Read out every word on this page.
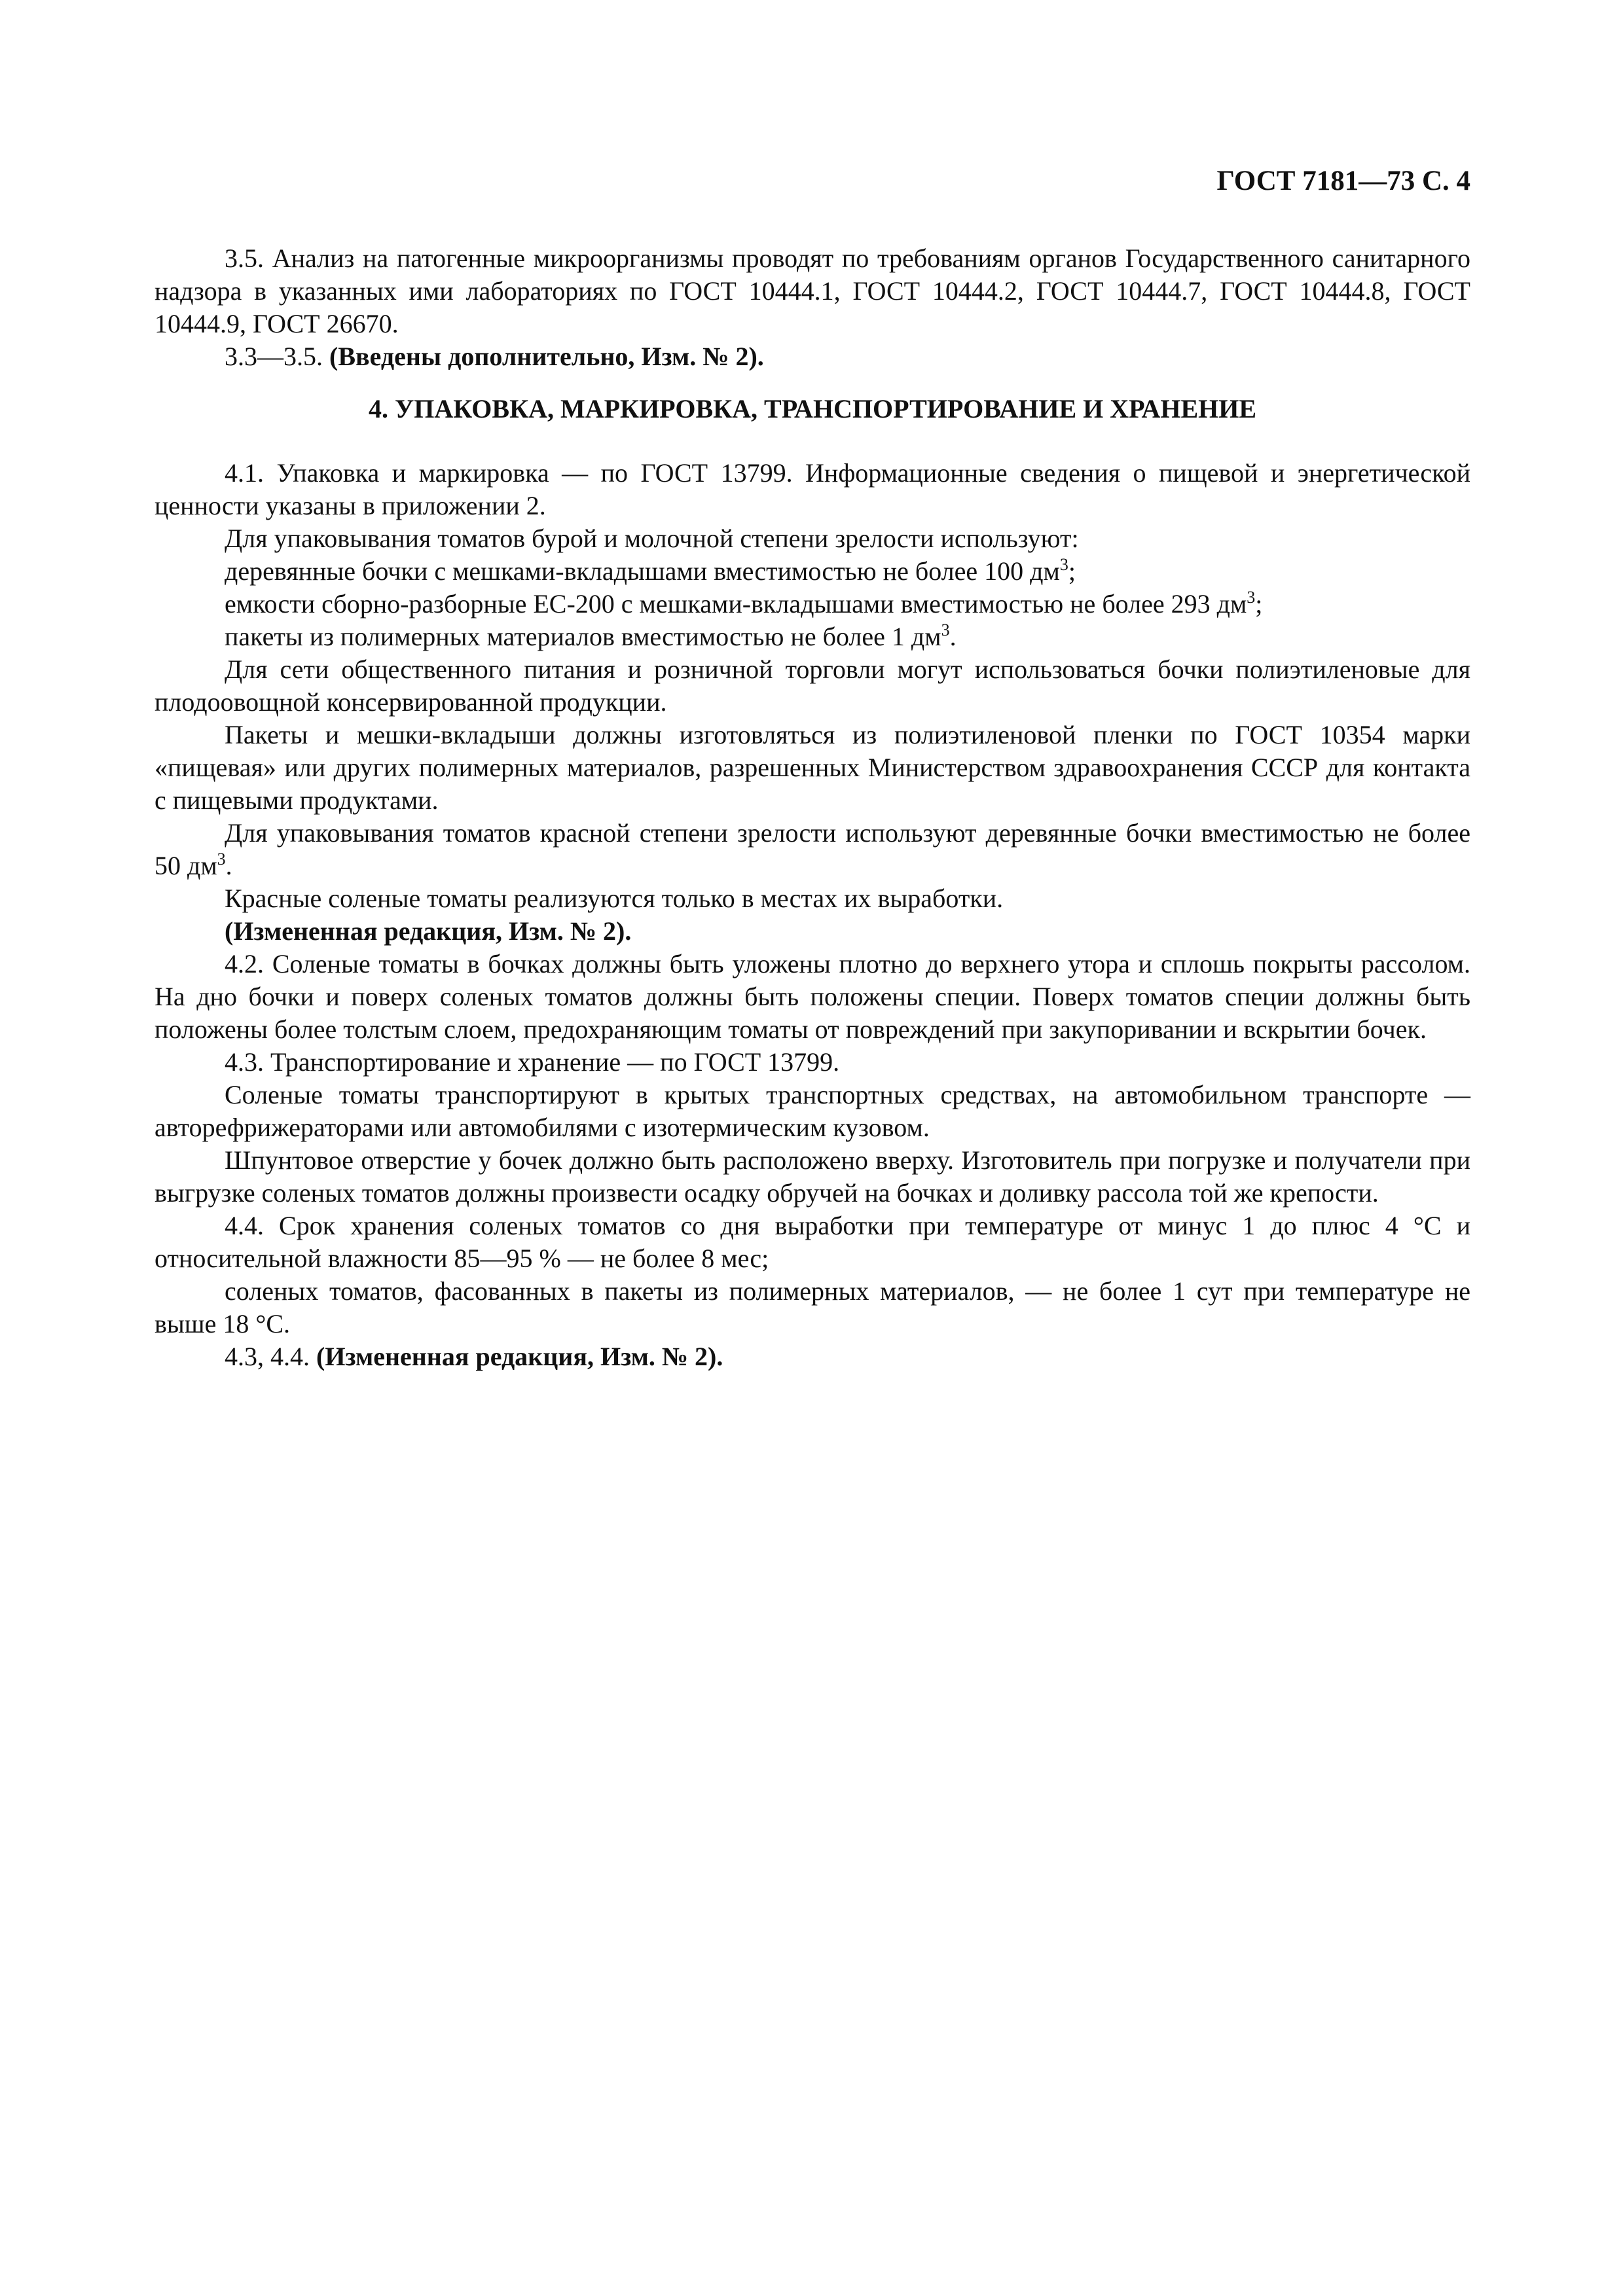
ГОСТ 7181—73 С. 4

3.5. Анализ на патогенные микроорганизмы проводят по требованиям органов Государственного санитарного надзора в указанных ими лабораториях по ГОСТ 10444.1, ГОСТ 10444.2, ГОСТ 10444.7, ГОСТ 10444.8, ГОСТ 10444.9, ГОСТ 26670.

3.3—3.5. (Введены дополнительно, Изм. № 2).

4. УПАКОВКА, МАРКИРОВКА, ТРАНСПОРТИРОВАНИЕ И ХРАНЕНИЕ

4.1. Упаковка и маркировка — по ГОСТ 13799. Информационные сведения о пищевой и энергетической ценности указаны в приложении 2.

Для упаковывания томатов бурой и молочной степени зрелости используют:

деревянные бочки с мешками-вкладышами вместимостью не более 100 $дм^3$;

емкости сборно-разборные ЕС-200 с мешками-вкладышами вместимостью не более 293 $дм^3$;

пакеты из полимерных материалов вместимостью не более 1 $дм^3$.

Для сети общественного питания и розничной торговли могут использоваться бочки полиэтиленовые для плодоовощной консервированной продукции.

Пакеты и мешки-вкладыши должны изготовляться из полиэтиленовой пленки по ГОСТ 10354 марки «пищевая» или других полимерных материалов, разрешенных Министерством здравоохранения СССР для контакта с пищевыми продуктами.

Для упаковывания томатов красной степени зрелости используют деревянные бочки вместимостью не более 50 $дм^3$.

Красные соленые томаты реализуются только в местах их выработки.

(Измененная редакция, Изм. № 2).

4.2. Соленые томаты в бочках должны быть уложены плотно до верхнего утора и сплошь покрыты рассолом. На дно бочки и поверх соленых томатов должны быть положены специи. Поверх томатов специи должны быть положены более толстым слоем, предохраняющим томаты от повреждений при закупоривании и вскрытии бочек.

4.3. Транспортирование и хранение — по ГОСТ 13799.

Соленые томаты транспортируют в крытых транспортных средствах, на автомобильном транспорте — авторефрижераторами или автомобилями с изотермическим кузовом.

Шпунтовое отверстие у бочек должно быть расположено вверху. Изготовитель при погрузке и получатели при выгрузке соленых томатов должны произвести осадку обручей на бочках и доливку рассола той же крепости.

4.4. Срок хранения соленых томатов со дня выработки при температуре от минус 1 до плюс 4 °С и относительной влажности 85—95 % — не более 8 мес;

соленых томатов, фасованных в пакеты из полимерных материалов, — не более 1 сут при температуре не выше 18 °С.

4.3, 4.4. (Измененная редакция, Изм. № 2).
